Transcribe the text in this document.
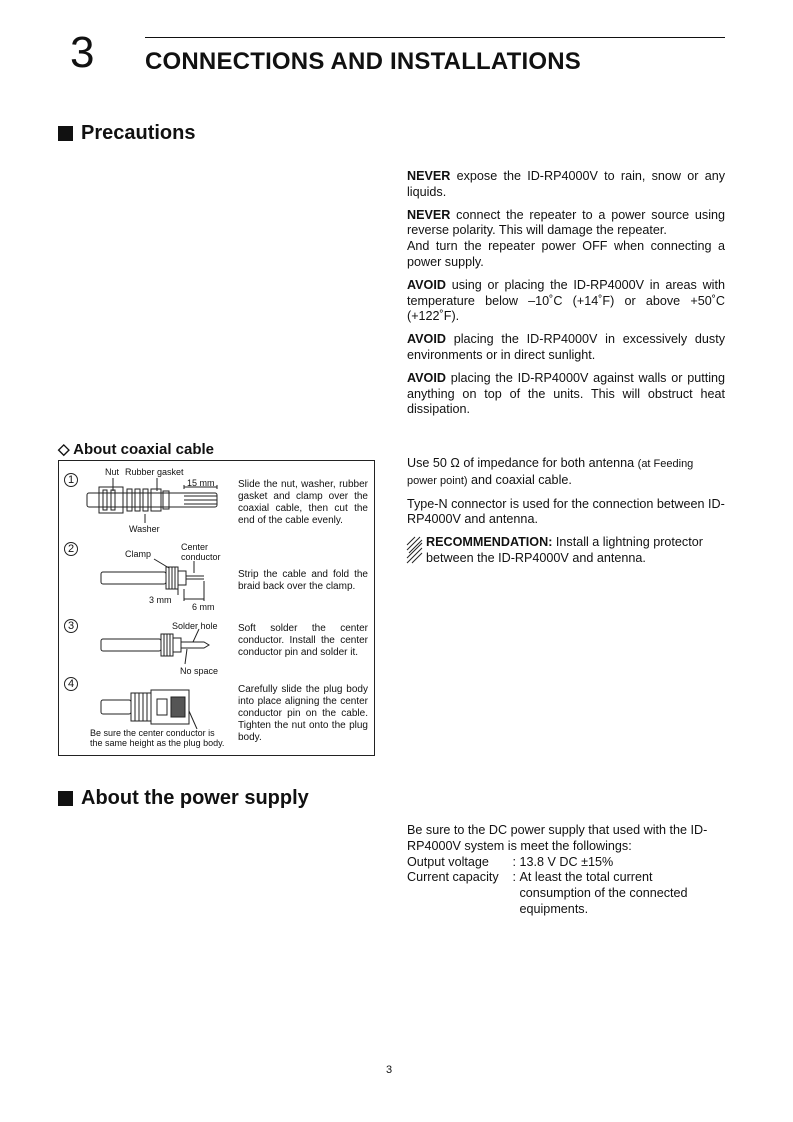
3 CONNECTIONS AND INSTALLATIONS
Precautions

NEVER expose the ID-RP4000V to rain, snow or any liquids.

NEVER connect the repeater to a power source using reverse polarity. This will damage the repeater.

And turn the repeater power OFF when connecting a power supply.

AVOID using or placing the ID-RP4000V in areas with temperature below –10˚C (+14˚F) or above +50˚C (+122˚F).

AVOID placing the ID-RP4000V in excessively dusty environments or in direct sunlight.

AVOID placing the ID-RP4000V against walls or putting anything on top of the units. This will obstruct heat dissipation.

◇ About coaxial cable
1
Nut Rubber gasket
15 mm
Washer
Slide the nut, washer, rubber gasket and clamp over the coaxial cable, then cut the end of the cable evenly.
2	Clamp
Center
conductor
3 mm
6 mm
Strip the cable and fold the braid back over the clamp.
3	Solder hole
No space
Soft solder the center conductor. Install the center conductor pin and solder it.
4
Be sure the center conductor is
the same height as the plug body.
Carefully slide the plug body into place aligning the center conductor pin on the cable. Tighten the nut onto the plug body.

Use 50 Ω of impedance for both antenna (at Feeding power point) and coaxial cable.

Type-N connector is used for the connection between ID-RP4000V and antenna.

RECOMMENDATION: Install a lightning protector between the ID-RP4000V and antenna.
About the power supply
Be sure to the DC power supply that used with the ID-RP4000V system is meet the followings:
Output voltage	: 13.8 V DC ±15%
Current capacity : At least the total current consumption of the connected equipments.
3
